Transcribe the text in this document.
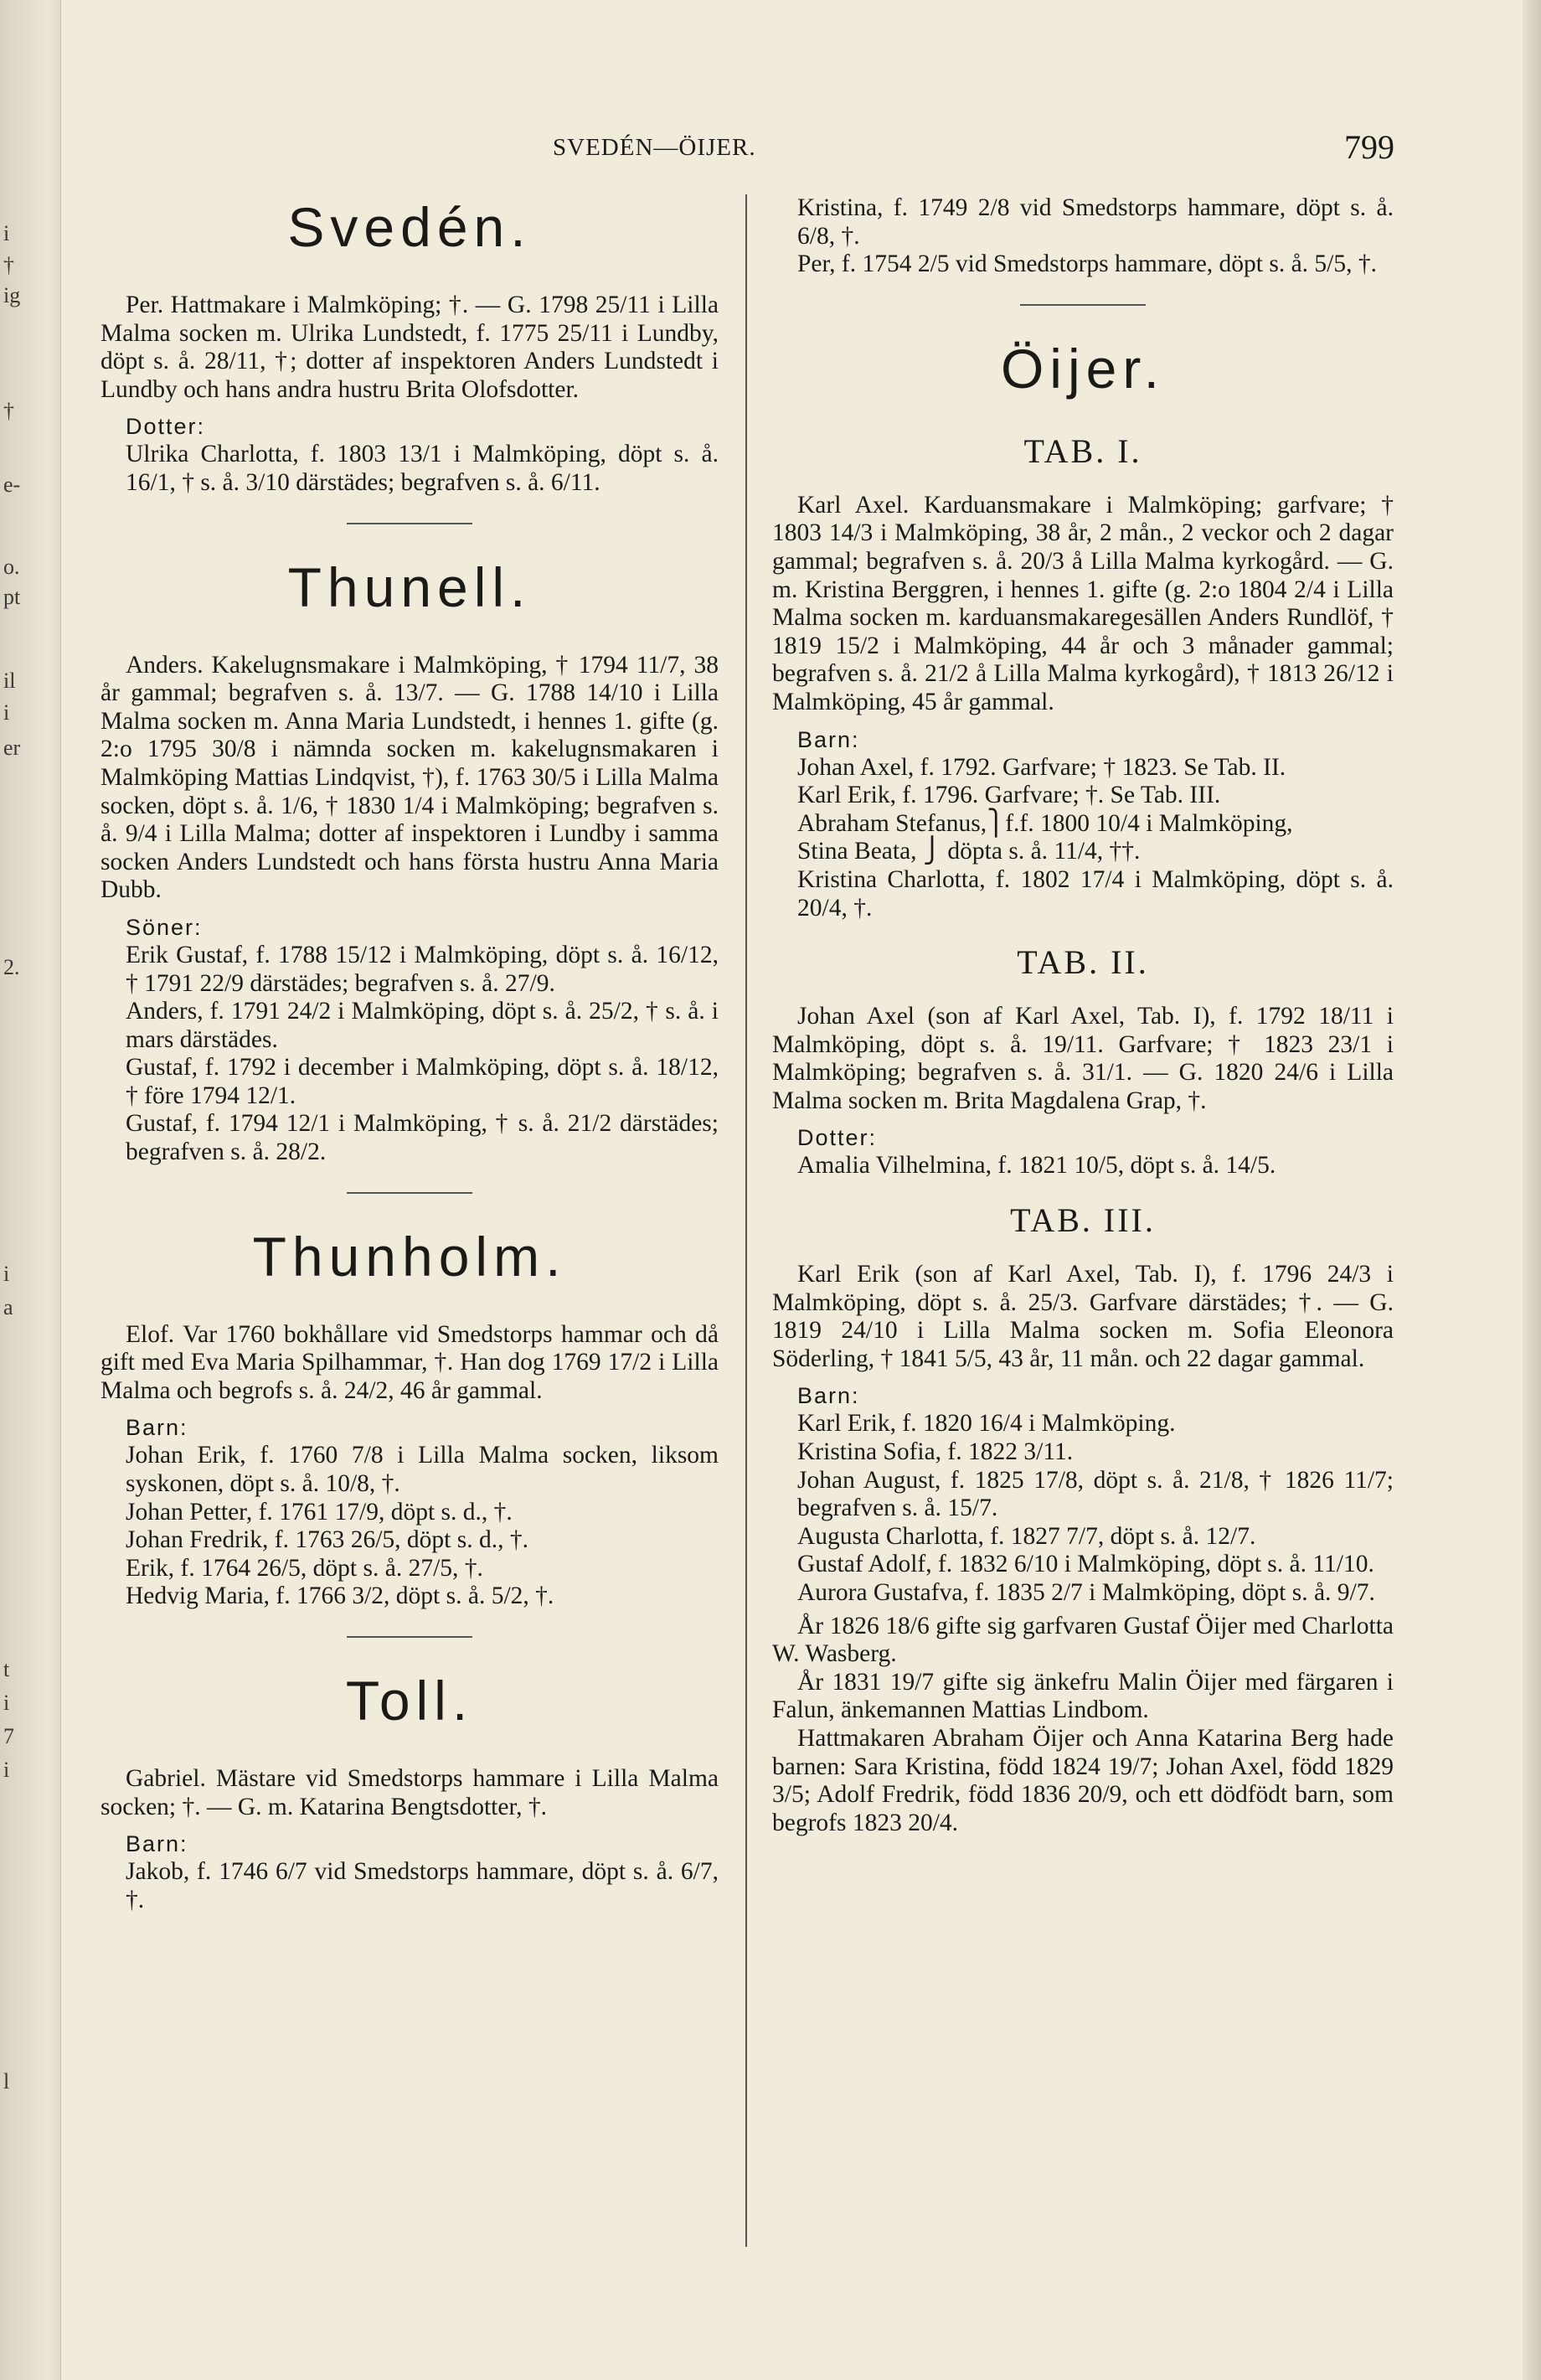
i
†
ig
†
e-
o.
pt
il
i
er
2.
i
a
t
i
7
i
l
SVEDÉN—ÖIJER.	799
Svedén.

Per. Hattmakare i Malmköping; †. — G. 1798 25/11 i Lilla Malma socken m. Ulrika Lundstedt, f. 1775 25/11 i Lundby, döpt s. å. 28/11, †; dotter af inspektoren Anders Lundstedt i Lundby och hans andra hustru Brita Olofsdotter.

Dotter:

Ulrika Charlotta, f. 1803 13/1 i Malmköping, döpt s. å. 16/1, † s. å. 3/10 därstädes; begrafven s. å. 6/11.

Thunell.

Anders. Kakelugnsmakare i Malmköping, † 1794 11/7, 38 år gammal; begrafven s. å. 13/7. — G. 1788 14/10 i Lilla Malma socken m. Anna Maria Lundstedt, i hennes 1. gifte (g. 2:o 1795 30/8 i nämnda socken m. kakelugnsmakaren i Malmköping Mattias Lindqvist, †), f. 1763 30/5 i Lilla Malma socken, döpt s. å. 1/6, † 1830 1/4 i Malmköping; begrafven s. å. 9/4 i Lilla Malma; dotter af inspektoren i Lundby i samma socken Anders Lundstedt och hans första hustru Anna Maria Dubb.

Söner:

Erik Gustaf, f. 1788 15/12 i Malmköping, döpt s. å. 16/12, † 1791 22/9 därstädes; begrafven s. å. 27/9.

Anders, f. 1791 24/2 i Malmköping, döpt s. å. 25/2, † s. å. i mars därstädes.

Gustaf, f. 1792 i december i Malmköping, döpt s. å. 18/12, † före 1794 12/1.

Gustaf, f. 1794 12/1 i Malmköping, † s. å. 21/2 därstädes; begrafven s. å. 28/2.

Thunholm.

Elof. Var 1760 bokhållare vid Smedstorps hammar och då gift med Eva Maria Spilhammar, †. Han dog 1769 17/2 i Lilla Malma och begrofs s. å. 24/2, 46 år gammal.

Barn:

Johan Erik, f. 1760 7/8 i Lilla Malma socken, liksom syskonen, döpt s. å. 10/8, †.

Johan Petter, f. 1761 17/9, döpt s. d., †.

Johan Fredrik, f. 1763 26/5, döpt s. d., †.

Erik, f. 1764 26/5, döpt s. å. 27/5, †.

Hedvig Maria, f. 1766 3/2, döpt s. å. 5/2, †.

Toll.

Gabriel. Mästare vid Smedstorps hammare i Lilla Malma socken; †. — G. m. Katarina Bengtsdotter, †.

Barn:

Jakob, f. 1746 6/7 vid Smedstorps hammare, döpt s. å. 6/7, †.

Kristina, f. 1749 2/8 vid Smedstorps hammare, döpt s. å. 6/8, †.

Per, f. 1754 2/5 vid Smedstorps hammare, döpt s. å. 5/5, †.

Öijer.
TAB. I.

Karl Axel. Karduansmakare i Malmköping; garfvare; † 1803 14/3 i Malmköping, 38 år, 2 mån., 2 veckor och 2 dagar gammal; begrafven s. å. 20/3 å Lilla Malma kyrkogård. — G. m. Kristina Berggren, i hennes 1. gifte (g. 2:o 1804 2/4 i Lilla Malma socken m. karduansmakaregesällen Anders Rundlöf, † 1819 15/2 i Malmköping, 44 år och 3 månader gammal; begrafven s. å. 21/2 å Lilla Malma kyrkogård), † 1813 26/12 i Malmköping, 45 år gammal.

Barn:

Johan Axel, f. 1792. Garfvare; † 1823. Se Tab. II.

Karl Erik, f. 1796. Garfvare; †. Se Tab. III.

Abraham Stefanus,⎫f.f. 1800 10/4 i Malmköping,

Stina Beata, ⎭ döpta s. å. 11/4, ††.

Kristina Charlotta, f. 1802 17/4 i Malmköping, döpt s. å. 20/4, †.

TAB. II.

Johan Axel (son af Karl Axel, Tab. I), f. 1792 18/11 i Malmköping, döpt s. å. 19/11. Garfvare; † 1823 23/1 i Malmköping; begrafven s. å. 31/1. — G. 1820 24/6 i Lilla Malma socken m. Brita Magdalena Grap, †.

Dotter:

Amalia Vilhelmina, f. 1821 10/5, döpt s. å. 14/5.

TAB. III.

Karl Erik (son af Karl Axel, Tab. I), f. 1796 24/3 i Malmköping, döpt s. å. 25/3. Garfvare därstädes; †. — G. 1819 24/10 i Lilla Malma socken m. Sofia Eleonora Söderling, † 1841 5/5, 43 år, 11 mån. och 22 dagar gammal.

Barn:

Karl Erik, f. 1820 16/4 i Malmköping.

Kristina Sofia, f. 1822 3/11.

Johan August, f. 1825 17/8, döpt s. å. 21/8, † 1826 11/7; begrafven s. å. 15/7.

Augusta Charlotta, f. 1827 7/7, döpt s. å. 12/7.

Gustaf Adolf, f. 1832 6/10 i Malmköping, döpt s. å. 11/10.

Aurora Gustafva, f. 1835 2/7 i Malmköping, döpt s. å. 9/7.

År 1826 18/6 gifte sig garfvaren Gustaf Öijer med Charlotta W. Wasberg.

År 1831 19/7 gifte sig änkefru Malin Öijer med färgaren i Falun, änkemannen Mattias Lindbom.

Hattmakaren Abraham Öijer och Anna Katarina Berg hade barnen: Sara Kristina, född 1824 19/7; Johan Axel, född 1829 3/5; Adolf Fredrik, född 1836 20/9, och ett dödfödt barn, som begrofs 1823 20/4.
